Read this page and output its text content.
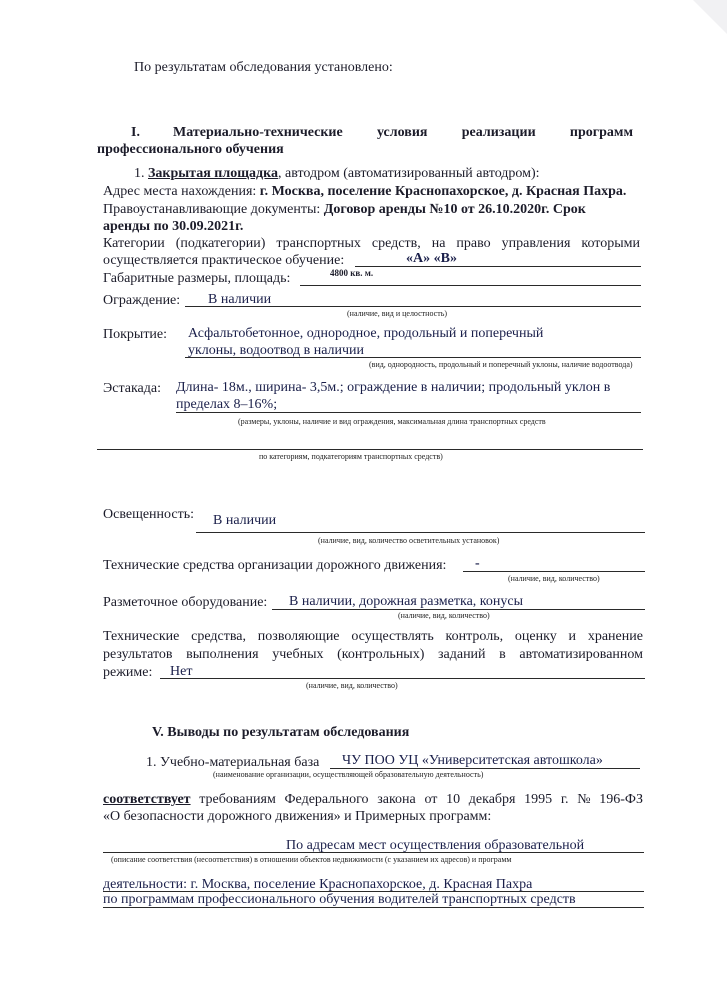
По результатам обследования установлено:
I. Материально-технические условия реализации программ
профессионального обучения
1. Закрытая площадка, автодром (автоматизированный автодром):
Адрес места нахождения: г. Москва, поселение Краснопахорское, д. Красная Пахра.
Правоустанавливающие документы: Договор аренды №10 от 26.10.2020г. Срок
аренды по 30.09.2021г.
Категории (подкатегории) транспортных средств, на право управления которыми
осуществляется практическое обучение:	«А» «В»
Габаритные размеры, площадь:	4800 кв. м.
Ограждение: В наличии
(наличие, вид и целостность)
Покрытие: Асфальтобетонное, однородное, продольный и поперечный
уклоны, водоотвод в наличии
(вид, однородность, продольный и поперечный уклоны, наличие водоотвода)
Эстакада: Длина- 18м., ширина- 3,5м.; ограждение в наличии; продольный уклон в
пределах 8–16%;
(размеры, уклоны, наличие и вид ограждения, максимальная длина транспортных средств
по категориям, подкатегориям транспортных средств)
Освещенность: В наличии
(наличие, вид, количество осветительных установок)
Технические средства организации дорожного движения: -
(наличие, вид, количество)
Разметочное оборудование: В наличии, дорожная разметка, конусы
(наличие, вид, количество)
Технические средства, позволяющие осуществлять контроль, оценку и хранение
результатов выполнения учебных (контрольных) заданий в автоматизированном
режиме: Нет
(наличие, вид, количество)
V. Выводы по результатам обследования
1. Учебно-материальная база ЧУ ПОО УЦ «Университетская автошкола»
(наименование организации, осуществляющей образовательную деятельность)
соответствует требованиям Федерального закона от 10 декабря 1995 г. № 196-ФЗ
«О безопасности дорожного движения» и Примерных программ:
По адресам мест осуществления образовательной
(описание соответствия (несоответствия) в отношении объектов недвижимости (с указанием их адресов) и программ
деятельности: г. Москва, поселение Краснопахорское, д. Красная Пахра
по программам профессионального обучения водителей транспортных средств
